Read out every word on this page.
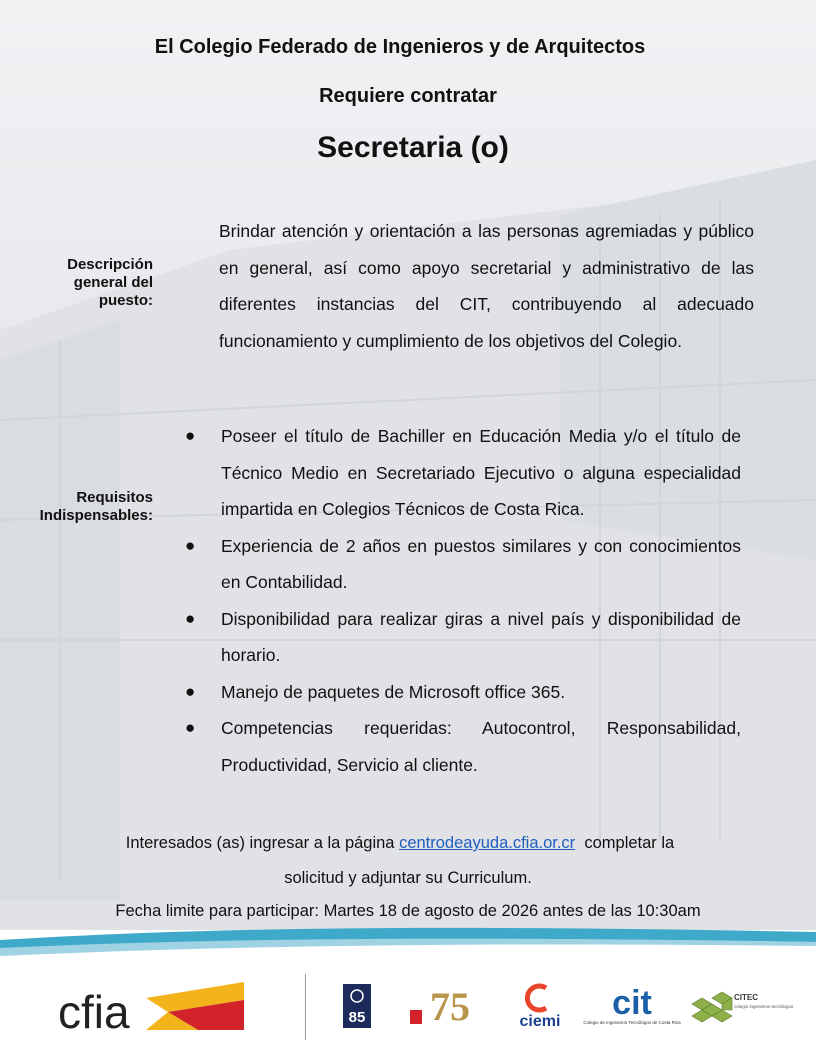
El Colegio Federado de Ingenieros y de Arquitectos
Requiere contratar
Secretaria (o)
Descripción
general del
puesto:
Brindar atención y orientación a las personas agremiadas y público en general, así como apoyo secretarial y administrativo de las diferentes instancias del CIT, contribuyendo al adecuado funcionamiento y cumplimiento de los objetivos del Colegio.
Requisitos
Indispensables:
● Poseer el título de Bachiller en Educación Media y/o el título de Técnico Medio en Secretariado Ejecutivo o alguna especialidad impartida en Colegios Técnicos de Costa Rica.
● Experiencia de 2 años en puestos similares y con conocimientos en Contabilidad.
● Disponibilidad para realizar giras a nivel país y disponibilidad de horario.
● Manejo de paquetes de Microsoft office 365.
● Competencias requeridas: Autocontrol, Responsabilidad, Productividad, Servicio al cliente.
Interesados (as) ingresar a la página centrodeayuda.cfia.or.cr  completar la
solicitud y adjuntar su Curriculum.
Fecha limite para participar: Martes 18 de agosto de 2026 antes de las 10:30am
cfia	85 75	ciemi cit
Colegio de Ingenieros Tecnólogos de Costa Rica
CITEC
colegio ingenieros tecnólogos
